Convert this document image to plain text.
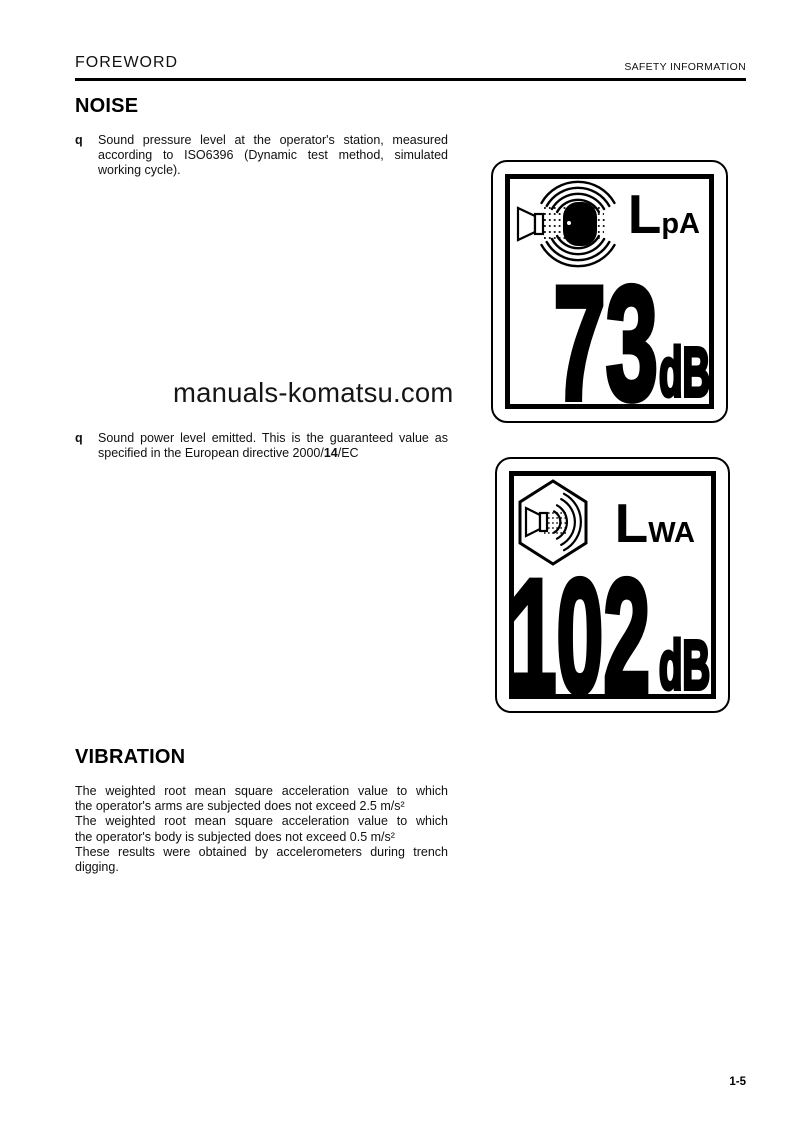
FOREWORD	SAFETY INFORMATION
NOISE
q	Sound pressure level at the operator's station, measured
according to ISO6396 (Dynamic test method, simulated
working cycle).
q	Sound power level emitted. This is the guaranteed value as
specified in the European directive 2000/14/EC
manuals-komatsu.com
LpA
73 dB
LWA
102 dB
VIBRATION
The weighted root mean square acceleration value to which
the operator's arms are subjected does not exceed 2.5 m/s²
The weighted root mean square acceleration value to which
the operator's body is subjected does not exceed 0.5 m/s²
These results were obtained by accelerometers during trench
digging.
1-5
